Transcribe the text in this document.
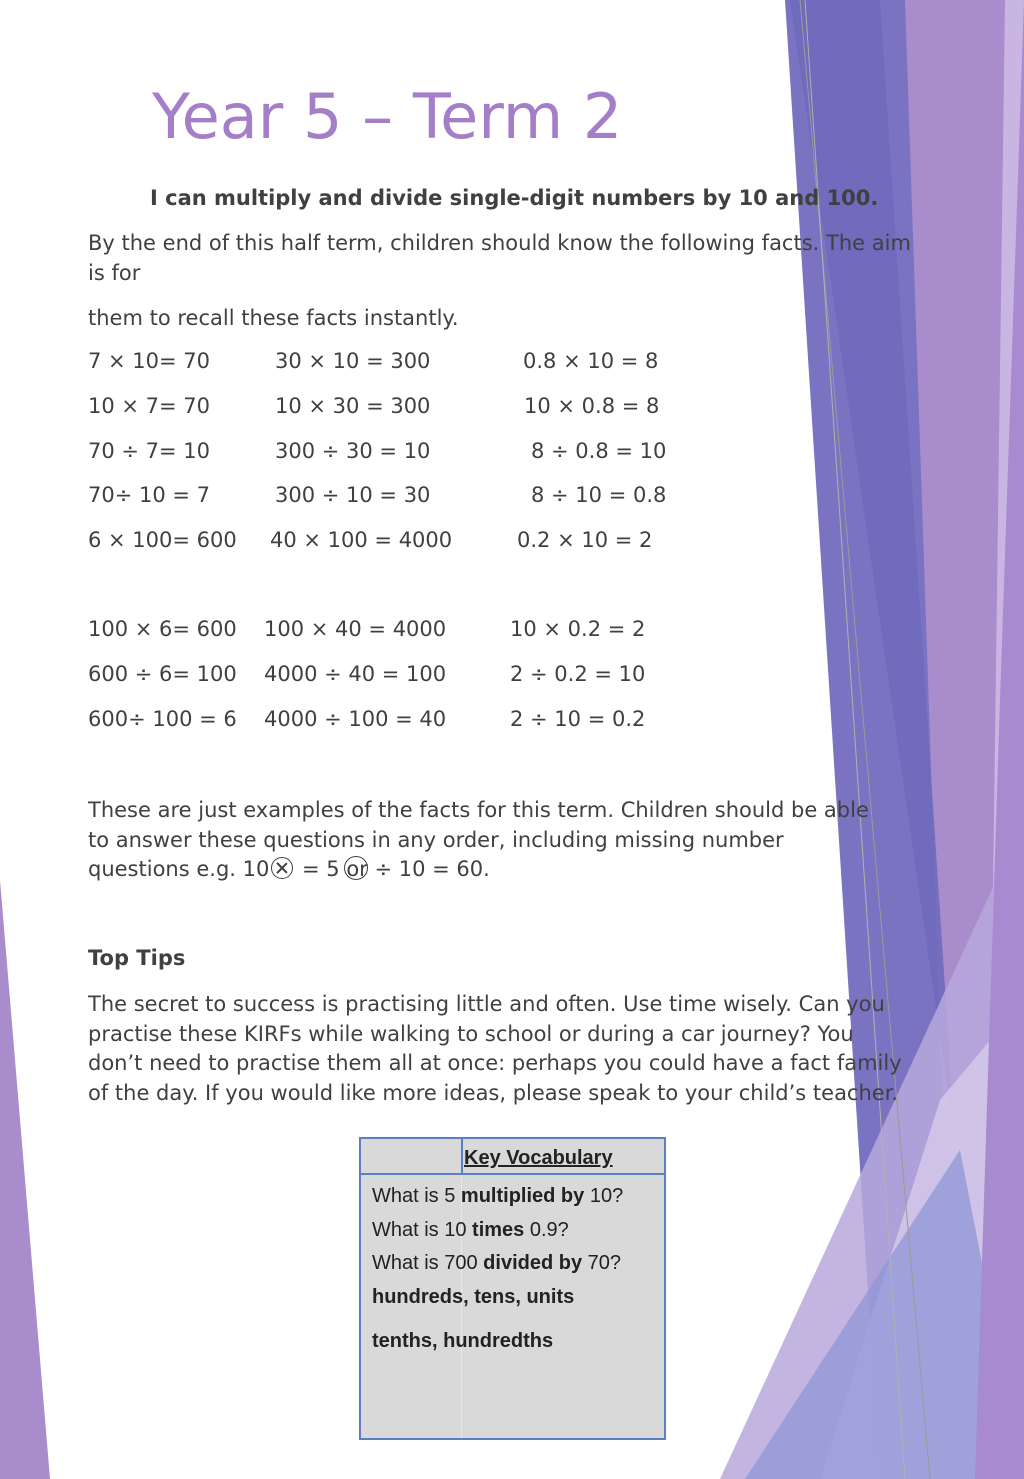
Year 5 – Term 2
I can multiply and divide single-digit numbers by 10 and 100.
By the end of this half term, children should know the following facts. The aim is for
them to recall these facts instantly.
7 × 10= 70	30 × 10 = 300	0.8 × 10 = 8
10 × 7= 70	10 × 30 = 300	10 × 0.8 = 8
70 ÷ 7= 10	300 ÷ 30 = 10	8 ÷ 0.8 = 10
70÷ 10 = 7	300 ÷ 10 = 30	8 ÷ 10 = 0.8
6 × 100= 600 40 × 100 = 4000	0.2 × 10 = 2
100 × 6= 600 100 × 40 = 4000	10 × 0.2 = 2
600 ÷ 6= 100 4000 ÷ 40 = 100	2 ÷ 0.2 = 10
600÷ 100 = 6 4000 ÷ 100 = 40	2 ÷ 10 = 0.2
These are just examples of the facts for this term. Children should be able
to answer these questions in any order, including missing number
questions e.g. 10 = 5
or ÷ 10 = 60.
Top Tips
The secret to success is practising little and often. Use time wisely. Can you practise these KIRFs while walking to school or during a car journey? You don’t need to practise them all at once: perhaps you could have a fact family of the day. If you would like more ideas, please speak to your child’s teacher.
Key Vocabulary
What is 5 multiplied by 10?
What is 10 times 0.9?
What is 700 divided by 70?
hundreds, tens, units
tenths, hundredths
